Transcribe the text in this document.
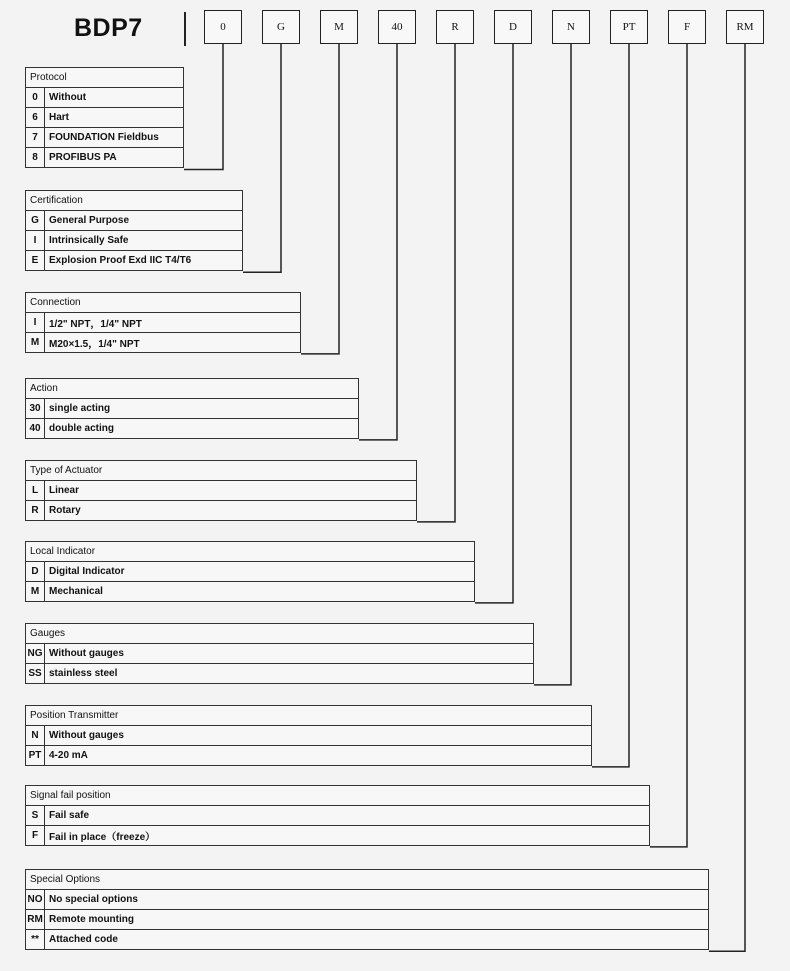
BDP7	0	G	M	40	R	D	N	PT	F	RM
Protocol	
0	Without
6	Hart
7	FOUNDATION Fieldbus
8	PROFIBUS PA
Certification	
G	General Purpose
I	Intrinsically Safe
E	Explosion Proof Exd IIC T4/T6
Connection	
I	1/2" NPT，1/4" NPT
M	M20×1.5，1/4" NPT
Action	
30	single acting
40	double acting
Type of Actuator	
L	Linear
R	Rotary
Local Indicator	
D	Digital Indicator
M	Mechanical
Gauges	
NG	Without gauges
SS	stainless steel
Position Transmitter	
N	Without gauges
PT	4-20 mA
Signal fail position	
S	Fail safe
F	Fail in place（freeze）
Special Options	
NO	No special options
RM	Remote mounting
**	Attached code
